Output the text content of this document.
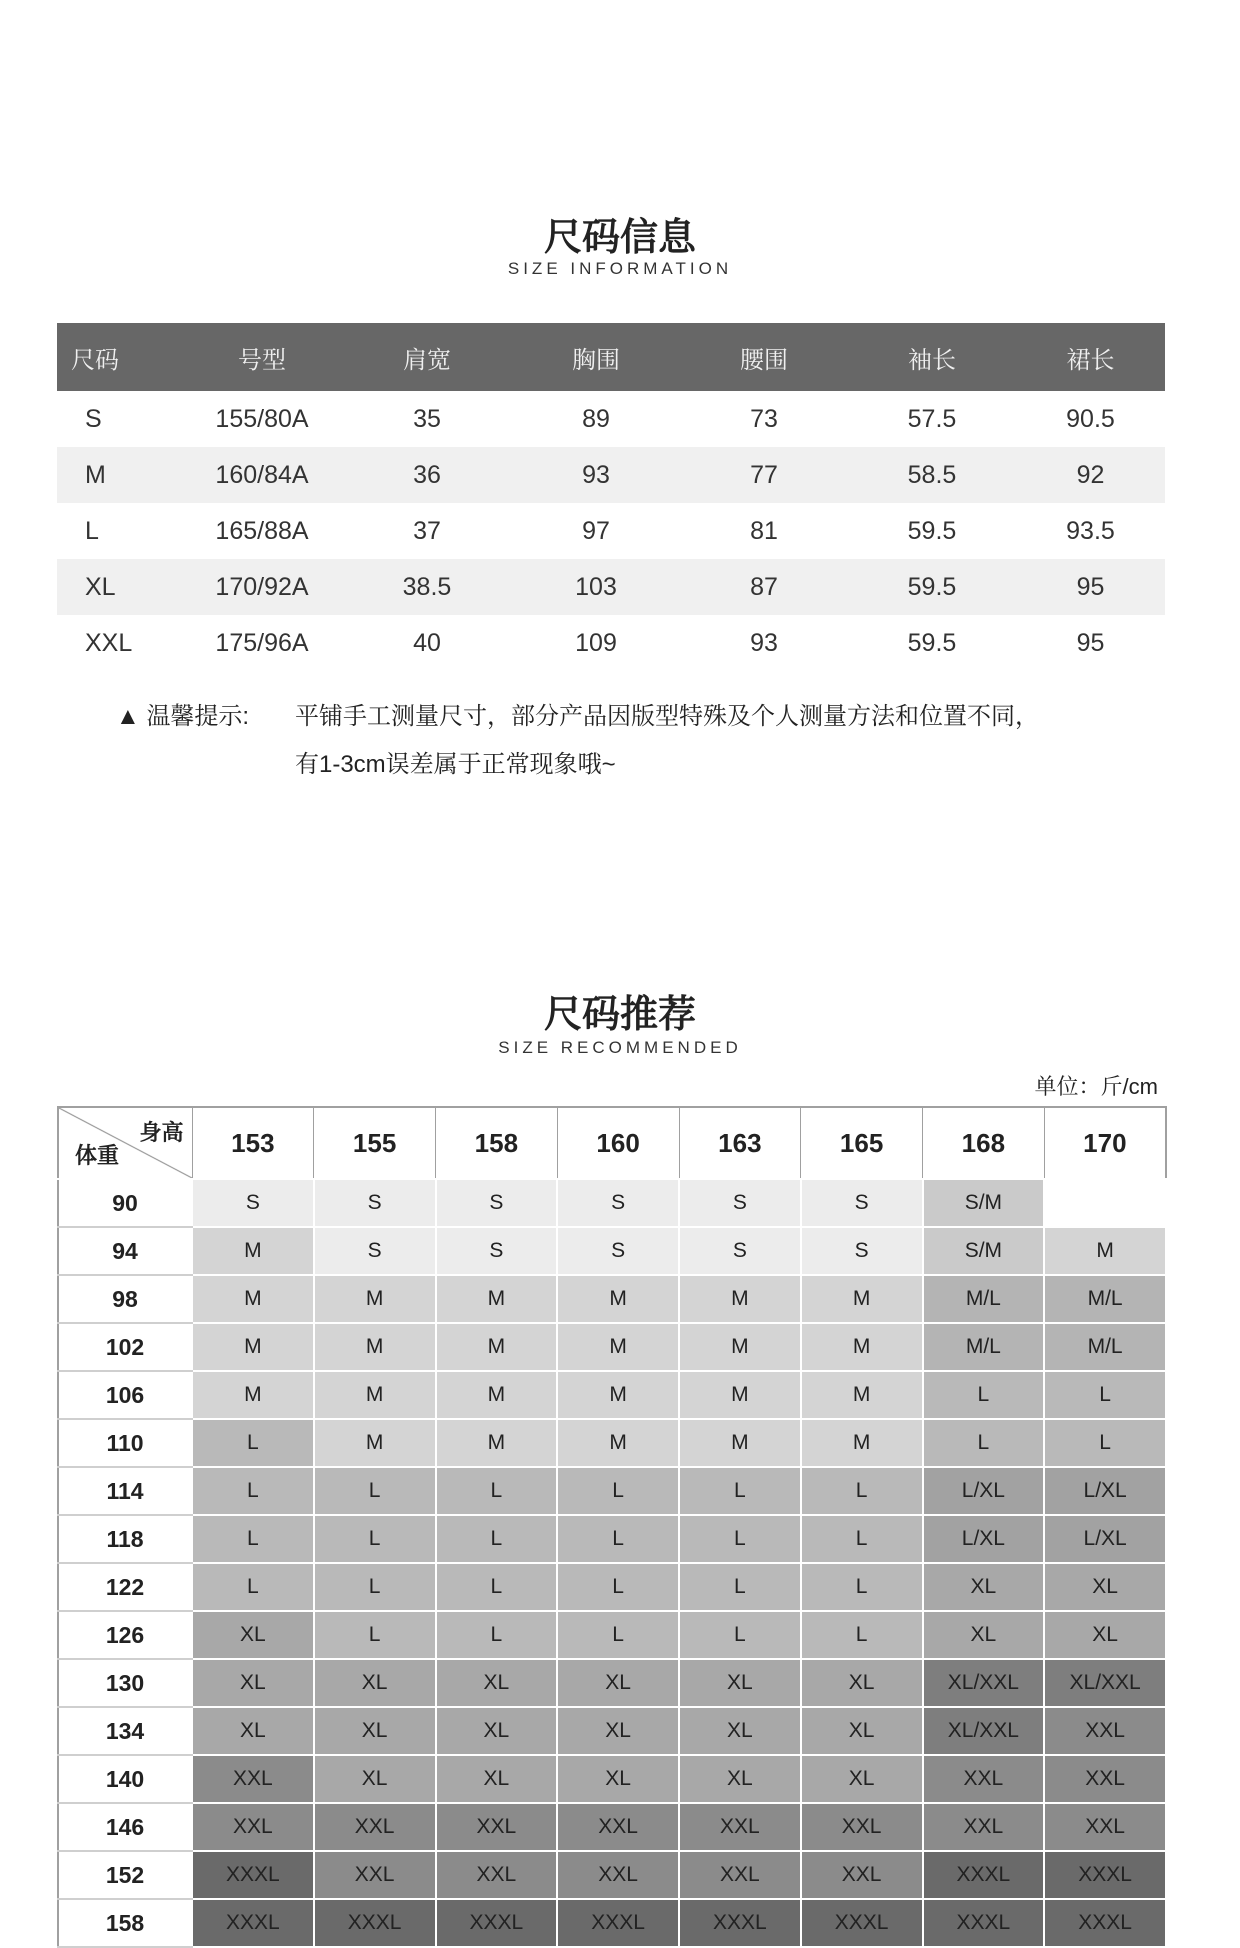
尺码信息
SIZE INFORMATION
尺码	号型	肩宽	胸围	腰围	袖长	裙长
S	155/80A	35	89	73	57.5	90.5
M	160/84A	36	93	77	58.5	92
L	165/88A	37	97	81	59.5	93.5
XL	170/92A	38.5	103	87	59.5	95
XXL	175/96A	40	109	93	59.5	95
▲ 温馨提示: 平铺手工测量尺寸，部分产品因版型特殊及个人测量方法和位置不同，
有1-3cm误差属于正常现象哦~
尺码推荐
SIZE RECOMMENDED
单位：斤/cm
身高
体重	153	155	158	160	163	165	168	170
90	S	S	S	S	S	S	S/M	
94	M	S	S	S	S	S	S/M	M
98	M	M	M	M	M	M	M/L	M/L
102	M	M	M	M	M	M	M/L	M/L
106	M	M	M	M	M	M	L	L
110	L	M	M	M	M	M	L	L
114	L	L	L	L	L	L	L/XL	L/XL
118	L	L	L	L	L	L	L/XL	L/XL
122	L	L	L	L	L	L	XL	XL
126	XL	L	L	L	L	L	XL	XL
130	XL	XL	XL	XL	XL	XL	XL/XXL	XL/XXL
134	XL	XL	XL	XL	XL	XL	XL/XXL	XXL
140	XXL	XL	XL	XL	XL	XL	XXL	XXL
146	XXL	XXL	XXL	XXL	XXL	XXL	XXL	XXL
152	XXXL	XXL	XXL	XXL	XXL	XXL	XXXL	XXXL
158	XXXL	XXXL	XXXL	XXXL	XXXL	XXXL	XXXL	XXXL
